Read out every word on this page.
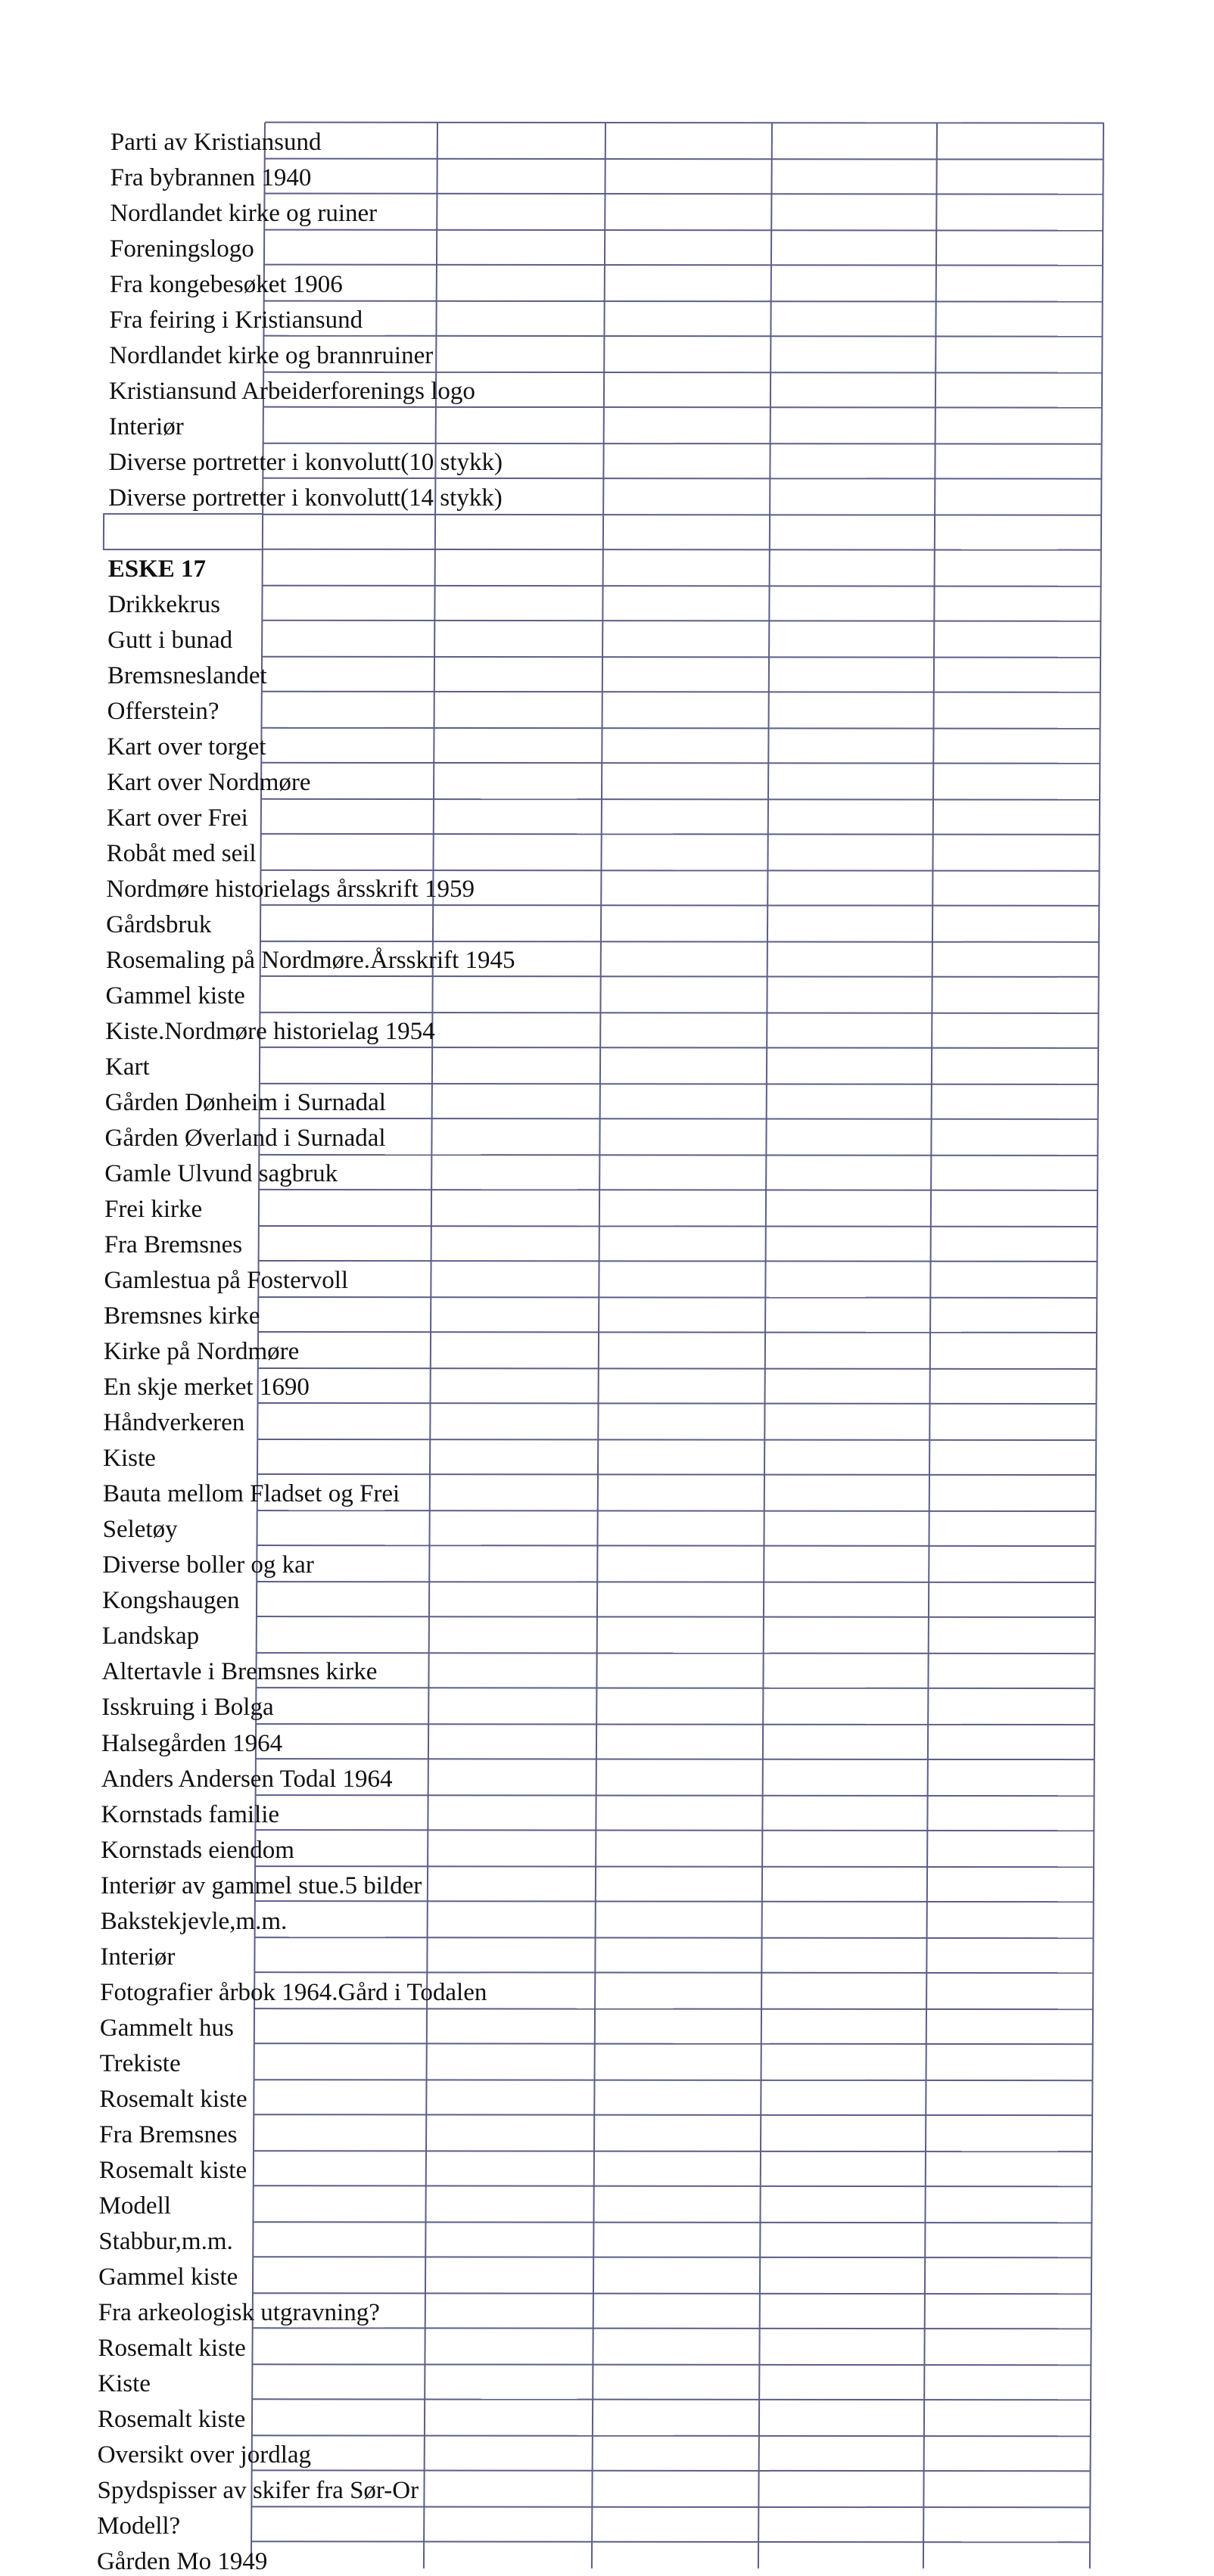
Parti av Kristiansund
Fra bybrannen 1940
Nordlandet kirke og ruiner
Foreningslogo
Fra kongebesøket 1906
Fra feiring i Kristiansund
Nordlandet kirke og brannruiner
Kristiansund Arbeiderforenings logo
Interiør
Diverse portretter i konvolutt(10 stykk)
Diverse portretter i konvolutt(14 stykk)
ESKE 17
Drikkekrus
Gutt i bunad
Bremsneslandet
Offerstein?
Kart over torget
Kart over Nordmøre
Kart over Frei
Robåt med seil
Nordmøre historielags årsskrift 1959
Gårdsbruk
Rosemaling på Nordmøre.Årsskrift 1945
Gammel kiste
Kiste.Nordmøre historielag 1954
Kart
Gården Dønheim i Surnadal
Gården Øverland i Surnadal
Gamle Ulvund sagbruk
Frei kirke
Fra Bremsnes
Gamlestua på Fostervoll
Bremsnes kirke
Kirke på Nordmøre
En skje merket 1690
Håndverkeren
Kiste
Bauta mellom Fladset og Frei
Seletøy
Diverse boller og kar
Kongshaugen
Landskap
Altertavle i Bremsnes kirke
Isskruing i Bolga
Halsegården 1964
Anders Andersen Todal 1964
Kornstads familie
Kornstads eiendom
Interiør av gammel stue.5 bilder
Bakstekjevle,m.m.
Interiør
Fotografier årbok 1964.Gård i Todalen
Gammelt hus
Trekiste
Rosemalt kiste
Fra Bremsnes
Rosemalt kiste
Modell
Stabbur,m.m.
Gammel kiste
Fra arkeologisk utgravning?
Rosemalt kiste
Kiste
Rosemalt kiste
Oversikt over jordlag
Spydspisser av skifer fra Sør-Or
Modell?
Gården Mo 1949
